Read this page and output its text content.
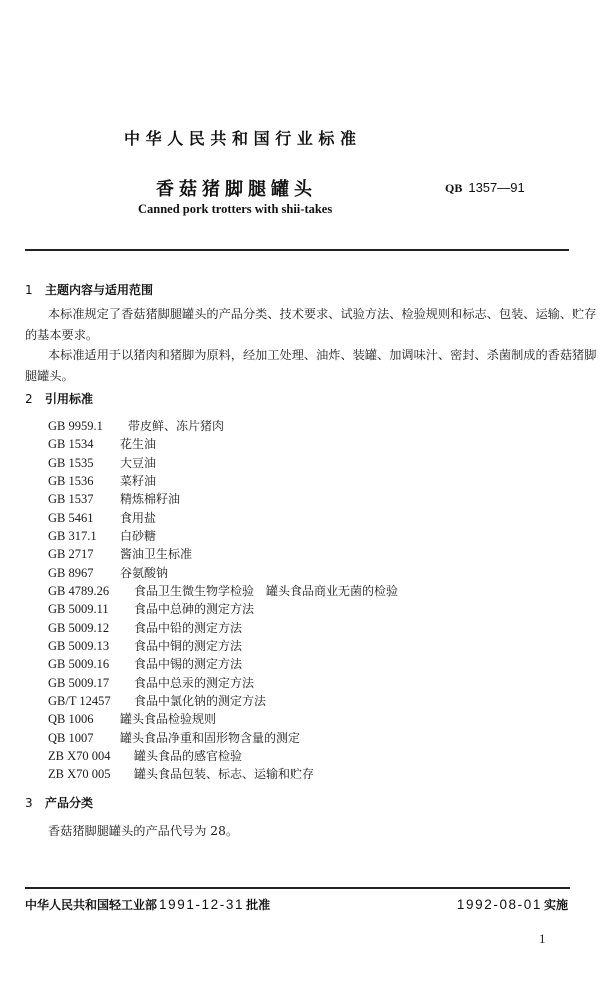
中华人民共和国行业标准
香菇猪脚腿罐头	QB 1357—91
Canned pork trotters with shii-takes
1 主题内容与适用范围
本标准规定了香菇猪脚腿罐头的产品分类、技术要求、试验方法、检验规则和标志、包装、运输、贮存
的基本要求。
本标准适用于以猪肉和猪脚为原料，经加工处理、油炸、装罐、加调味汁、密封、杀菌制成的香菇猪脚
腿罐头。
2 引用标准
GB 9959.1 带皮鲜、冻片猪肉
GB 1534 花生油
GB 1535 大豆油
GB 1536 菜籽油
GB 1537 精炼棉籽油
GB 5461 食用盐
GB 317.1 白砂糖
GB 2717 酱油卫生标准
GB 8967 谷氨酸钠
GB 4789.26 食品卫生微生物学检验　罐头食品商业无菌的检验
GB 5009.11 食品中总砷的测定方法
GB 5009.12 食品中铅的测定方法
GB 5009.13 食品中铜的测定方法
GB 5009.16 食品中锡的测定方法
GB 5009.17 食品中总汞的测定方法
GB/T 12457 食品中氯化钠的测定方法
QB 1006 罐头食品检验规则
QB 1007 罐头食品净重和固形物含量的测定
ZB X70 004 罐头食品的感官检验
ZB X70 005 罐头食品包装、标志、运输和贮存
3 产品分类
香菇猪脚腿罐头的产品代号为 28。
中华人民共和国轻工业部 1991-12-31 批准	1992-08-01 实施
1
